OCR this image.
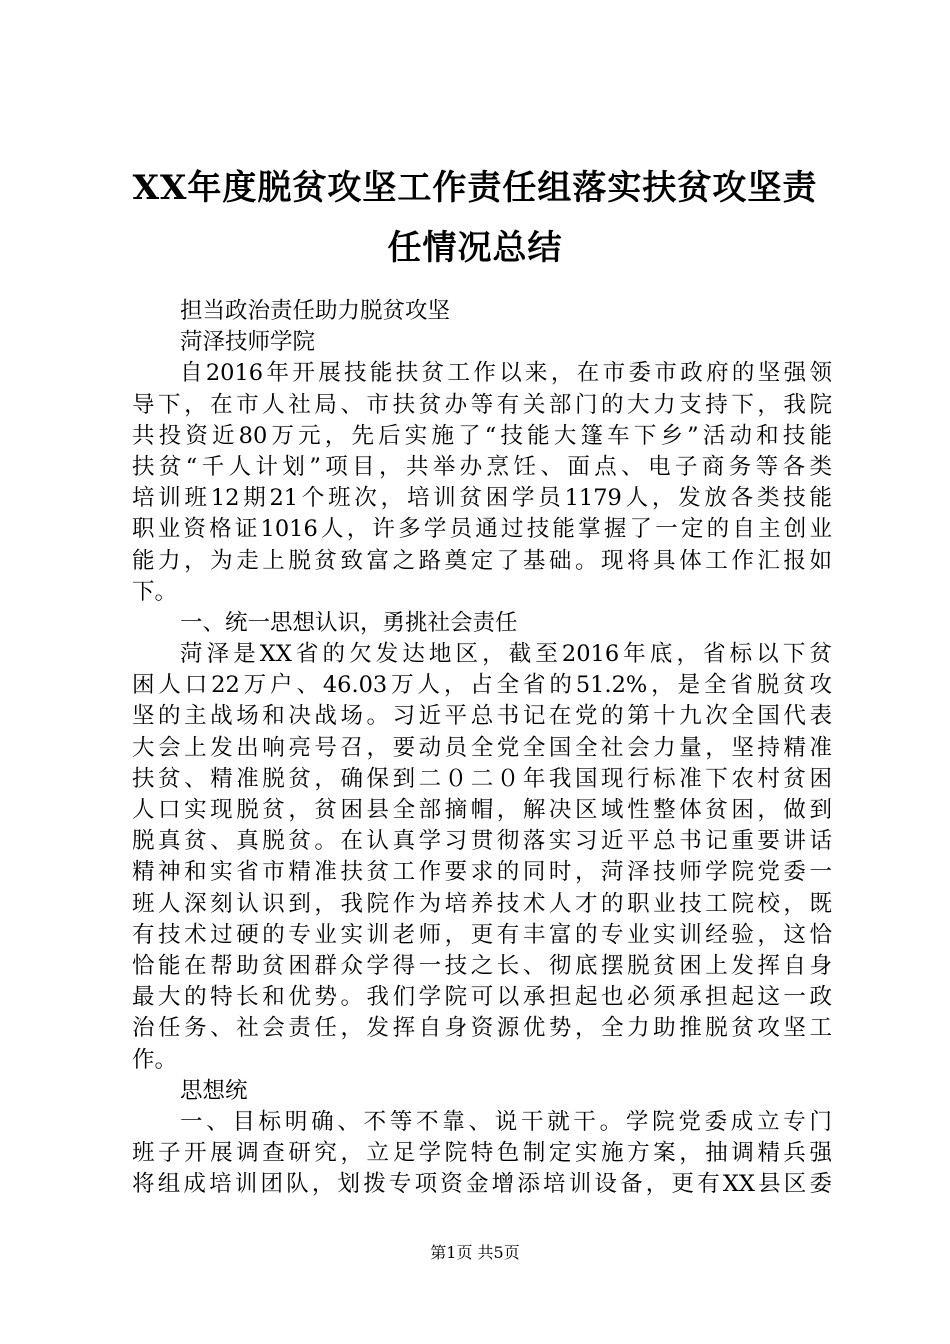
XX年度脱贫攻坚工作责任组落实扶贫攻坚责
任情况总结
担当政治责任助力脱贫攻坚
菏泽技师学院
自2016年开展技能扶贫工作以来，在市委市政府的坚强领
导下，在市人社局、市扶贫办等有关部门的大力支持下，我院
共投资近80万元，先后实施了“技能大篷车下乡”活动和技能
扶贫“千人计划”项目，共举办烹饪、面点、电子商务等各类
培训班12期21个班次，培训贫困学员1179人，发放各类技能
职业资格证1016人，许多学员通过技能掌握了一定的自主创业
能力，为走上脱贫致富之路奠定了基础。现将具体工作汇报如
下。
一、统一思想认识，勇挑社会责任
菏泽是XX省的欠发达地区，截至2016年底，省标以下贫
困人口22万户、46.03万人，占全省的51.2%，是全省脱贫攻
坚的主战场和决战场。习近平总书记在党的第十九次全国代表
大会上发出响亮号召，要动员全党全国全社会力量，坚持精准
扶贫、精准脱贫，确保到二０二０年我国现行标准下农村贫困
人口实现脱贫，贫困县全部摘帽，解决区域性整体贫困，做到
脱真贫、真脱贫。在认真学习贯彻落实习近平总书记重要讲话
精神和实省市精准扶贫工作要求的同时，菏泽技师学院党委一
班人深刻认识到，我院作为培养技术人才的职业技工院校，既
有技术过硬的专业实训老师，更有丰富的专业实训经验，这恰
恰能在帮助贫困群众学得一技之长、彻底摆脱贫困上发挥自身
最大的特长和优势。我们学院可以承担起也必须承担起这一政
治任务、社会责任，发挥自身资源优势，全力助推脱贫攻坚工
作。
思想统
一、目标明确、不等不靠、说干就干。学院党委成立专门
班子开展调查研究，立足学院特色制定实施方案，抽调精兵强
将组成培训团队，划拨专项资金增添培训设备，更有XX县区委
第1页 共5页
